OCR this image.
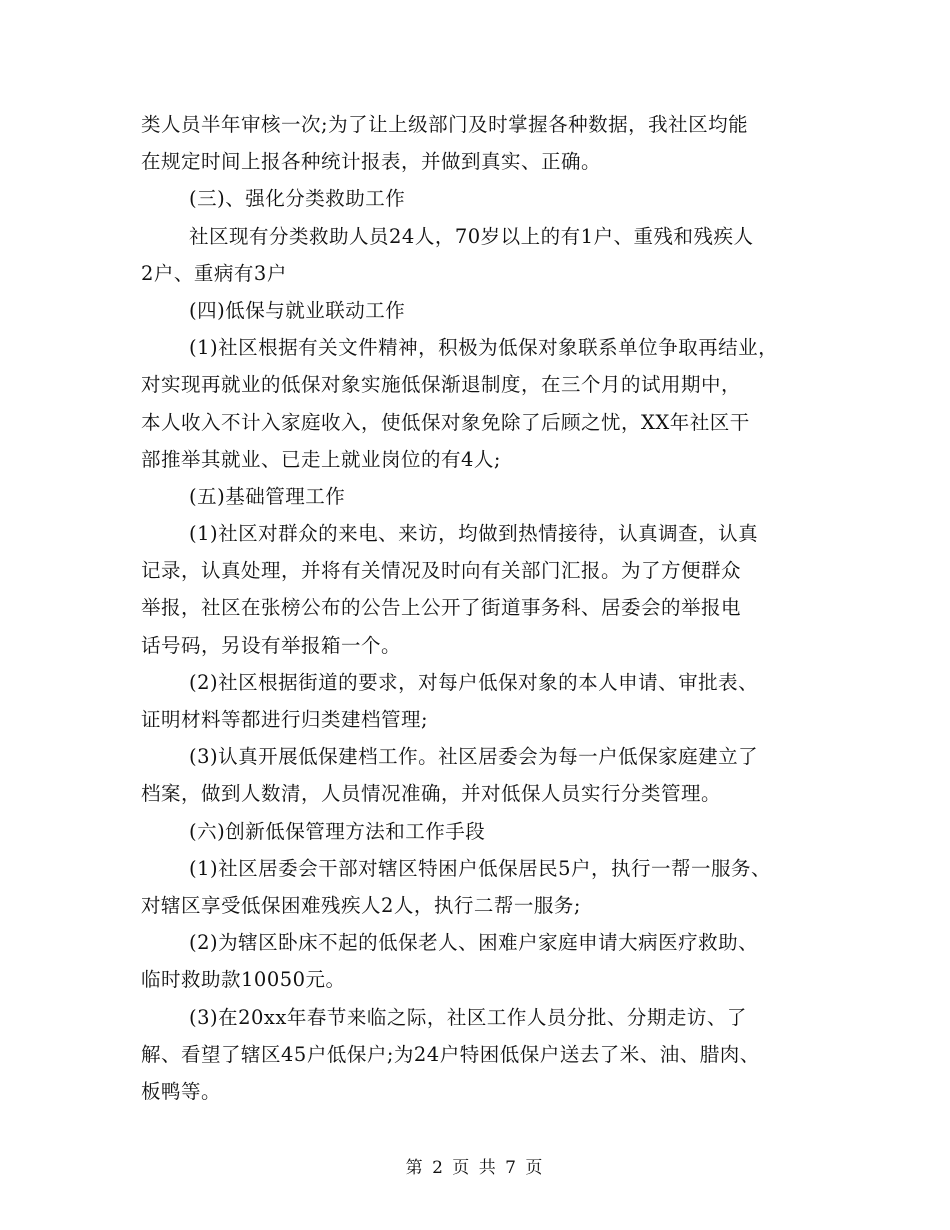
类人员半年审核一次;为了让上级部门及时掌握各种数据，我社区均能
在规定时间上报各种统计报表，并做到真实、正确。
(三)、强化分类救助工作
社区现有分类救助人员24人，70岁以上的有1户、重残和残疾人
2户、重病有3户
(四)低保与就业联动工作
(1)社区根据有关文件精神，积极为低保对象联系单位争取再结业，
对实现再就业的低保对象实施低保渐退制度，在三个月的试用期中，
本人收入不计入家庭收入，使低保对象免除了后顾之忧，XX年社区干
部推举其就业、已走上就业岗位的有4人;
(五)基础管理工作
(1)社区对群众的来电、来访，均做到热情接待，认真调查，认真
记录，认真处理，并将有关情况及时向有关部门汇报。为了方便群众
举报，社区在张榜公布的公告上公开了街道事务科、居委会的举报电
话号码，另设有举报箱一个。
(2)社区根据街道的要求，对每户低保对象的本人申请、审批表、
证明材料等都进行归类建档管理;
(3)认真开展低保建档工作。社区居委会为每一户低保家庭建立了
档案，做到人数清，人员情况准确，并对低保人员实行分类管理。
(六)创新低保管理方法和工作手段
(1)社区居委会干部对辖区特困户低保居民5户，执行一帮一服务、
对辖区享受低保困难残疾人2人，执行二帮一服务;
(2)为辖区卧床不起的低保老人、困难户家庭申请大病医疗救助、
临时救助款10050元。
(3)在20xx年春节来临之际，社区工作人员分批、分期走访、了
解、看望了辖区45户低保户;为24户特困低保户送去了米、油、腊肉、
板鸭等。
第 2 页 共 7 页
